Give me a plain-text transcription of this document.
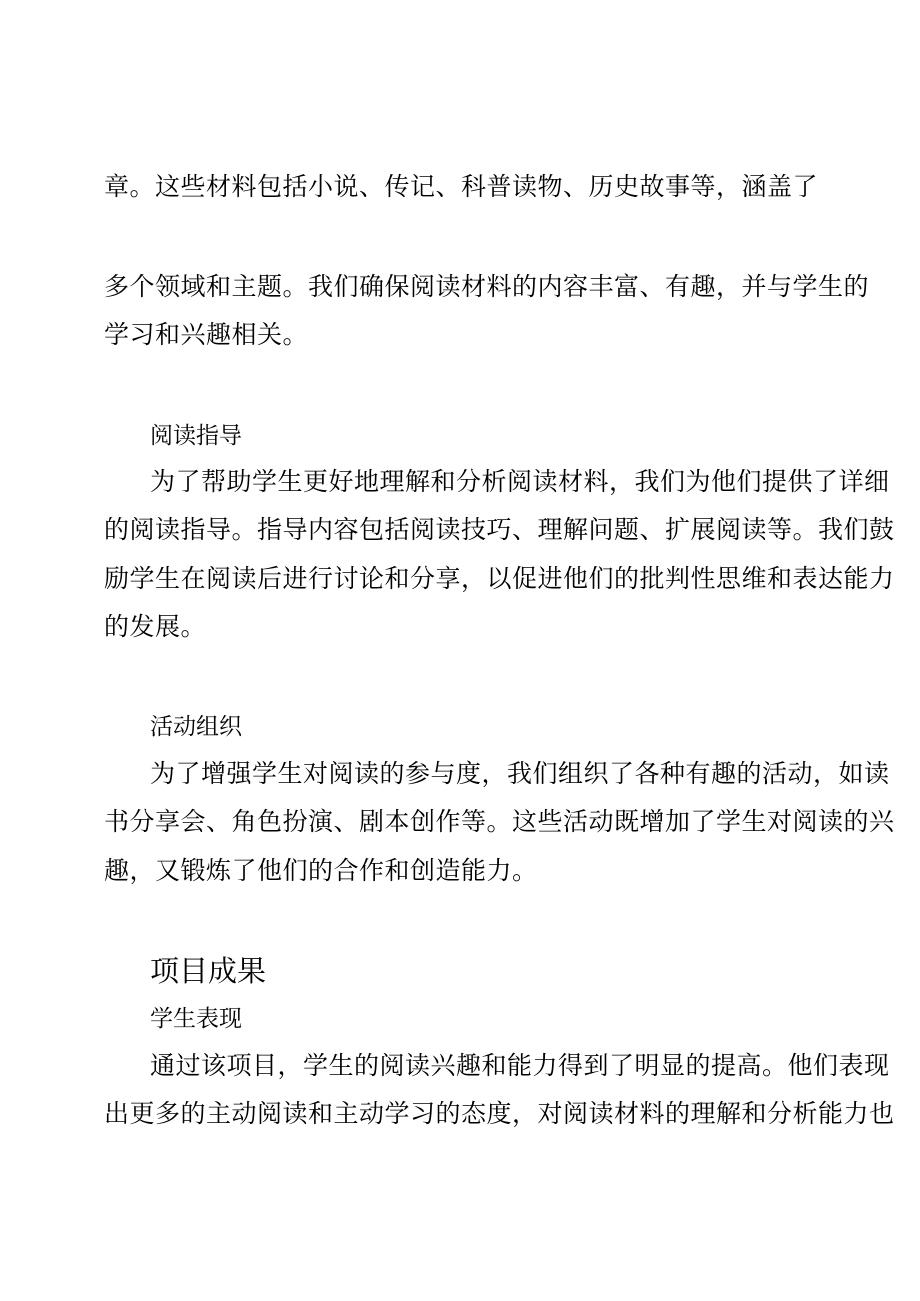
章。这些材料包括小说、传记、科普读物、历史故事等，涵盖了
多个领域和主题。我们确保阅读材料的内容丰富、有趣，并与学生的
学习和兴趣相关。
阅读指导
为了帮助学生更好地理解和分析阅读材料，我们为他们提供了详细
的阅读指导。指导内容包括阅读技巧、理解问题、扩展阅读等。我们鼓
励学生在阅读后进行讨论和分享，以促进他们的批判性思维和表达能力
的发展。
活动组织
为了增强学生对阅读的参与度，我们组织了各种有趣的活动，如读
书分享会、角色扮演、剧本创作等。这些活动既增加了学生对阅读的兴
趣，又锻炼了他们的合作和创造能力。
项目成果
学生表现
通过该项目，学生的阅读兴趣和能力得到了明显的提高。他们表现
出更多的主动阅读和主动学习的态度，对阅读材料的理解和分析能力也
